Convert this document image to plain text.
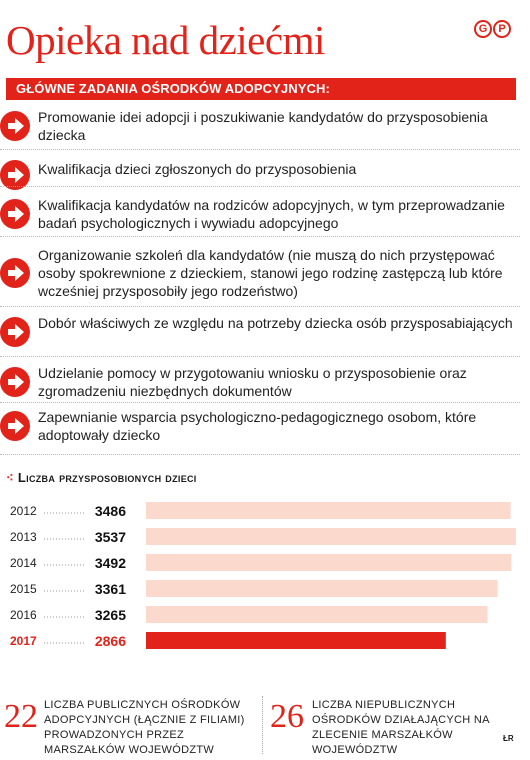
Opieka nad dziećmi	G	P
GŁÓWNE ZADANIA OŚRODKÓW ADOPCYJNYCH:
Promowanie idei adopcji i poszukiwanie kandydatów do przysposobienia dziecka
Kwalifikacja dzieci zgłoszonych do przysposobienia
Kwalifikacja kandydatów na rodziców adopcyjnych, w tym przeprowadzanie badań psychologicznych i wywiadu adopcyjnego
Organizowanie szkoleń dla kandydatów (nie muszą do nich przystępować osoby spokrewnione z dzieckiem, stanowi jego rodzinę zastępczą lub które wcześniej przysposobiły jego rodzeństwo)
Dobór właściwych ze względu na potrzeby dziecka osób przysposabiających
Udzielanie pomocy w przygotowaniu wniosku o przysposobienie oraz zgromadzeniu niezbędnych dokumentów
Zapewnianie wsparcia psychologiczno-pedagogicznego osobom, które adoptowały dziecko
⁖ Liczba przysposobionych dzieci
2012	3486
2013	3537
2014	3492
2015	3361
2016	3265
2017	2866
22 LICZBA PUBLICZNYCH OŚRODKÓW ADOPCYJNYCH (ŁĄCZNIE Z FILIAMI) PROWADZONYCH PRZEZ MARSZAŁKÓW WOJEWÓDZTW
26 LICZBA NIEPUBLICZNYCH OŚRODKÓW DZIAŁAJĄCYCH NA ZLECENIE MARSZAŁKÓW WOJEWÓDZTW
ŁR
